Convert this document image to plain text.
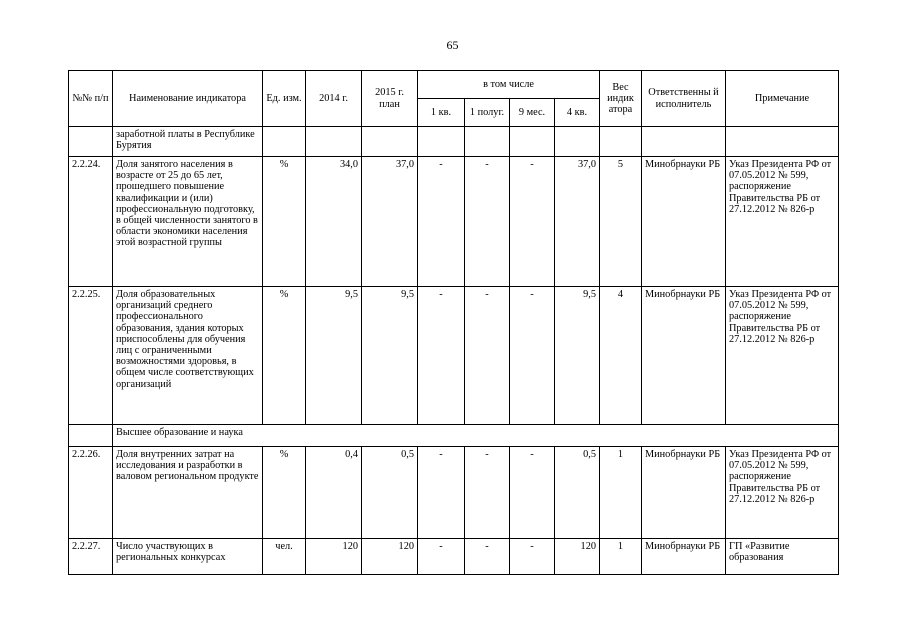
65
№№ п/п	Наименование индикатора	Ед. изм.	2014 г.	2015 г. план	в том числе				Вес индик атора	Ответственны й исполнитель	Примечание
					1 кв.	1 полуг.	9 мес.	4 кв.			
	заработной платы в Республике Бурятия										
2.2.24.	Доля занятого населения в возрасте от 25 до 65 лет, прошедшего повышение квалификации и (или) профессиональную подготовку, в общей численности занятого в области экономики населения этой возрастной группы	%	34,0	37,0	-	-	-	37,0	5	Минобрнауки РБ	Указ Президента РФ от 07.05.2012 № 599, распоряжение Правительства РБ от 27.12.2012 № 826-р
2.2.25.	Доля образовательных организаций среднего профессионального образования, здания которых приспособлены для обучения лиц с ограниченными возможностями здоровья, в общем числе соответствующих организаций	%	9,5	9,5	-	-	-	9,5	4	Минобрнауки РБ	Указ Президента РФ от 07.05.2012 № 599, распоряжение Правительства РБ от 27.12.2012 № 826-р
	Высшее образование и наука										
2.2.26.	Доля внутренних затрат на исследования и разработки в валовом региональном продукте	%	0,4	0,5	-	-	-	0,5	1	Минобрнауки РБ	Указ Президента РФ от 07.05.2012 № 599, распоряжение Правительства РБ от 27.12.2012 № 826-р
2.2.27.	Число участвующих в региональных конкурсах	чел.	120	120	-	-	-	120	1	Минобрнауки РБ	ГП «Развитие образования
